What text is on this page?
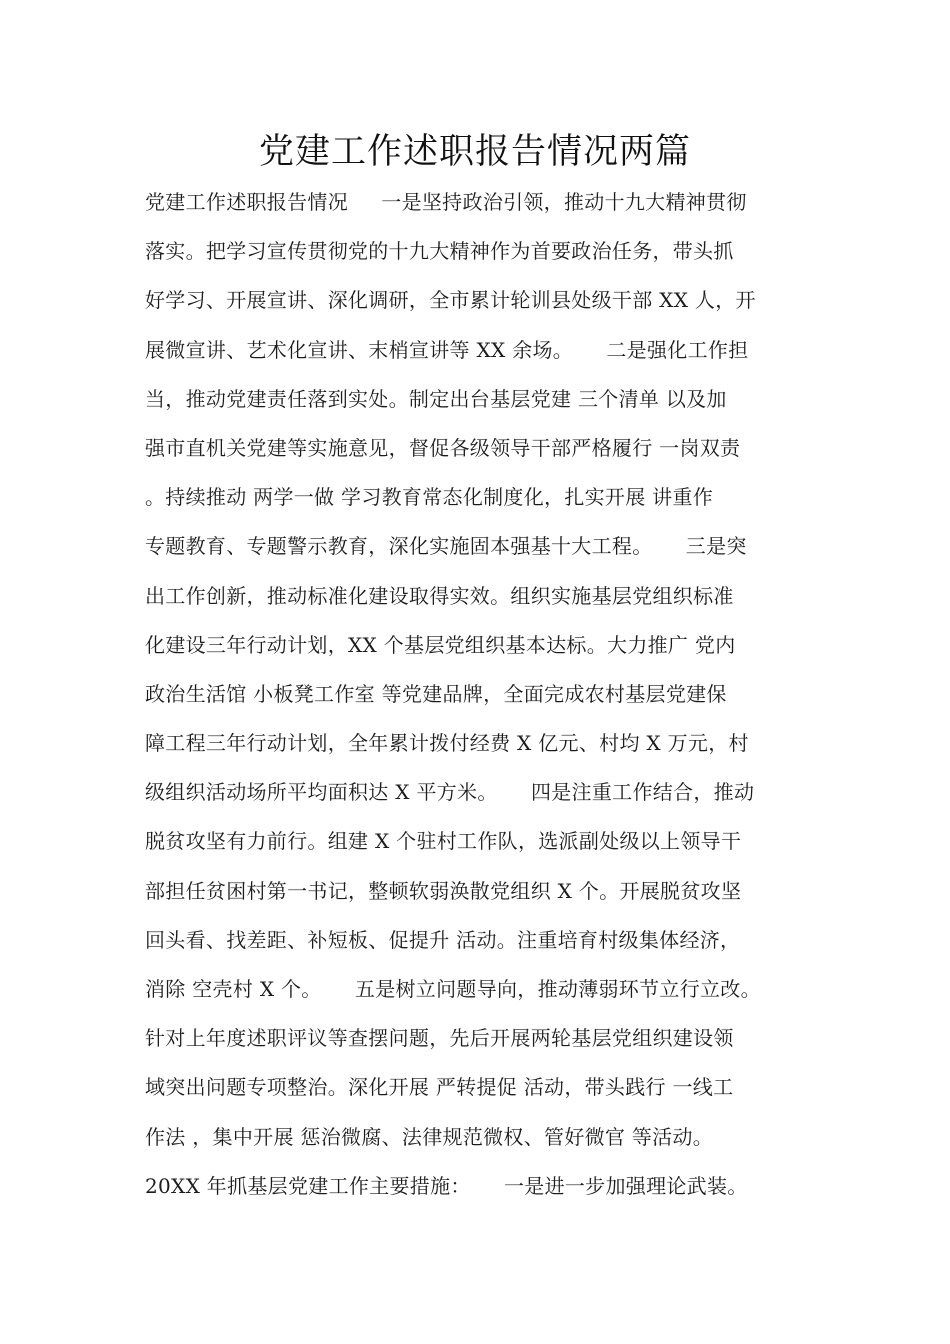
党建工作述职报告情况两篇
党建工作述职报告情况     一是坚持政治引领，推动十九大精神贯彻
落实。把学习宣传贯彻党的十九大精神作为首要政治任务，带头抓
好学习、开展宣讲、深化调研，全市累计轮训县处级干部 XX 人，开
展微宣讲、艺术化宣讲、末梢宣讲等 XX 余场。     二是强化工作担
当，推动党建责任落到实处。制定出台基层党建 三个清单 以及加
强市直机关党建等实施意见，督促各级领导干部严格履行 一岗双责
。持续推动 两学一做 学习教育常态化制度化，扎实开展 讲重作
专题教育、专题警示教育，深化实施固本强基十大工程。     三是突
出工作创新，推动标准化建设取得实效。组织实施基层党组织标准
化建设三年行动计划，XX 个基层党组织基本达标。大力推广 党内
政治生活馆 小板凳工作室 等党建品牌，全面完成农村基层党建保
障工程三年行动计划，全年累计拨付经费 X 亿元、村均 X 万元，村
级组织活动场所平均面积达 X 平方米。     四是注重工作结合，推动
脱贫攻坚有力前行。组建 X 个驻村工作队，选派副处级以上领导干
部担任贫困村第一书记，整顿软弱涣散党组织 X 个。开展脱贫攻坚
回头看、找差距、补短板、促提升 活动。注重培育村级集体经济，
消除 空壳村 X 个。     五是树立问题导向，推动薄弱环节立行立改。
针对上年度述职评议等查摆问题，先后开展两轮基层党组织建设领
域突出问题专项整治。深化开展 严转提促 活动，带头践行 一线工
作法 ，集中开展 惩治微腐、法律规范微权、管好微官 等活动。
20XX 年抓基层党建工作主要措施：     一是进一步加强理论武装。
